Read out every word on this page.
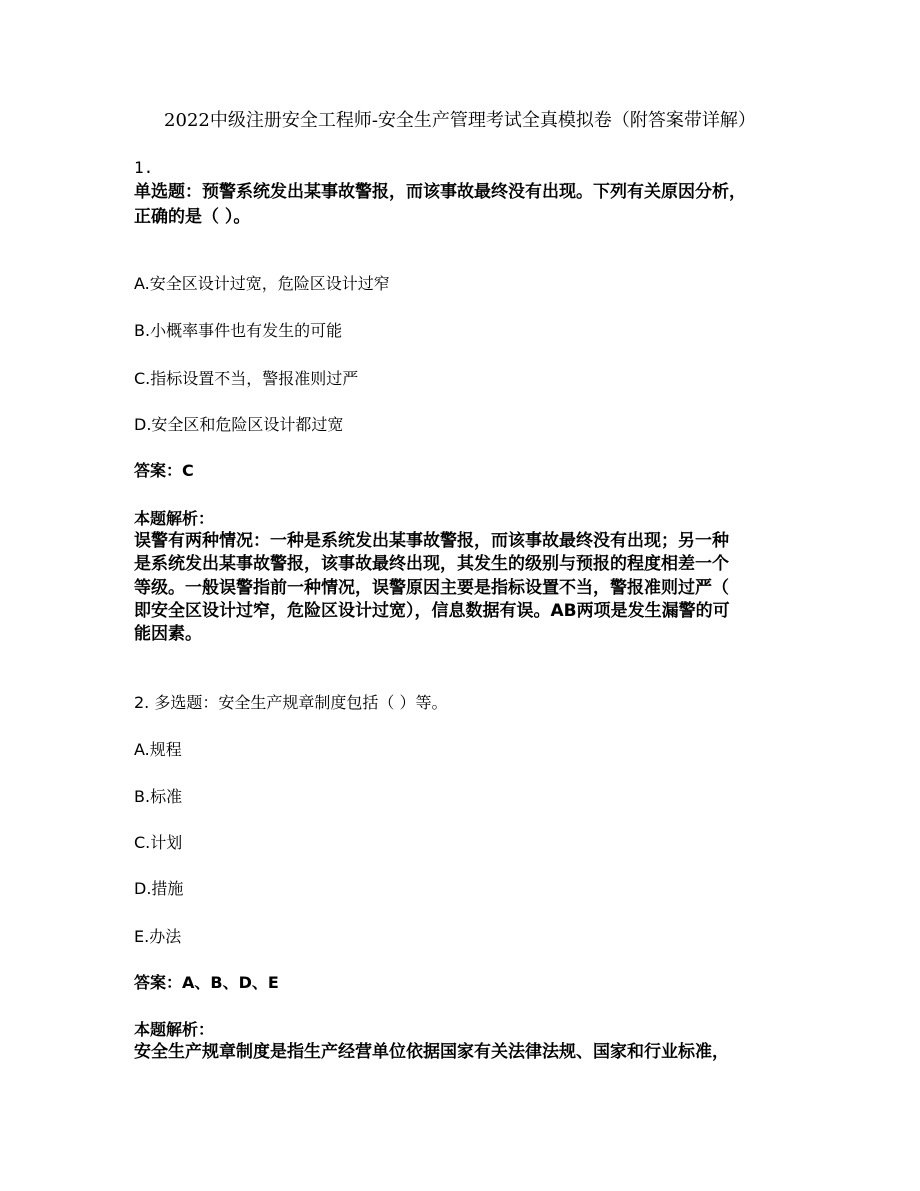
2022中级注册安全工程师-安全生产管理考试全真模拟卷（附答案带详解）
1.
单选题：预警系统发出某事故警报，而该事故最终没有出现。下列有关原因分析，
正确的是（ ）。
A.安全区设计过宽，危险区设计过窄
B.小概率事件也有发生的可能
C.指标设置不当，警报准则过严
D.安全区和危险区设计都过宽
答案：C
本题解析：
误警有两种情况：一种是系统发出某事故警报，而该事故最终没有出现；另一种
是系统发出某事故警报，该事故最终出现，其发生的级别与预报的程度相差一个
等级。一般误警指前一种情况，误警原因主要是指标设置不当，警报准则过严（
即安全区设计过窄，危险区设计过宽），信息数据有误。AB两项是发生漏警的可
能因素。
2. 多选题：安全生产规章制度包括（ ）等。
A.规程
B.标准
C.计划
D.措施
E.办法
答案：A、B、D、E
本题解析：
安全生产规章制度是指生产经营单位依据国家有关法律法规、国家和行业标准，
